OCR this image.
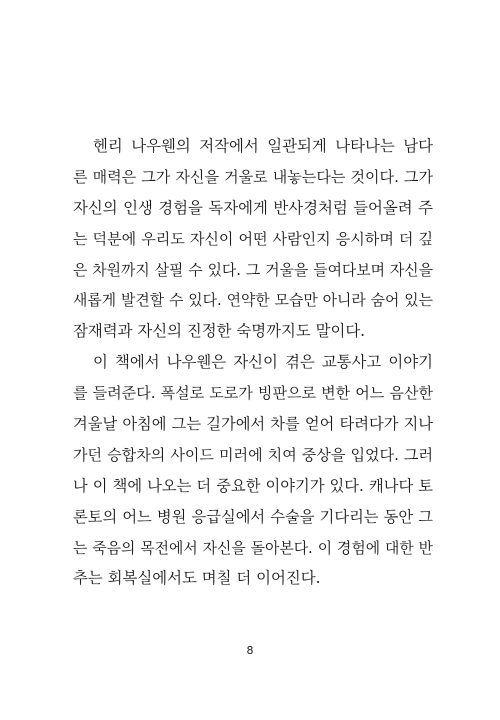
헨리 나우웬의 저작에서 일관되게 나타나는 남다
른 매력은 그가 자신을 거울로 내놓는다는 것이다. 그가
자신의 인생 경험을 독자에게 반사경처럼 들어올려 주
는 덕분에 우리도 자신이 어떤 사람인지 응시하며 더 깊
은 차원까지 살필 수 있다. 그 거울을 들여다보며 자신을
새롭게 발견할 수 있다. 연약한 모습만 아니라 숨어 있는
잠재력과 자신의 진정한 숙명까지도 말이다.
이 책에서 나우웬은 자신이 겪은 교통사고 이야기
를 들려준다. 폭설로 도로가 빙판으로 변한 어느 음산한
겨울날 아침에 그는 길가에서 차를 얻어 타려다가 지나
가던 승합차의 사이드 미러에 치여 중상을 입었다. 그러
나 이 책에 나오는 더 중요한 이야기가 있다. 캐나다 토
론토의 어느 병원 응급실에서 수술을 기다리는 동안 그
는 죽음의 목전에서 자신을 돌아본다. 이 경험에 대한 반
추는 회복실에서도 며칠 더 이어진다.
8
